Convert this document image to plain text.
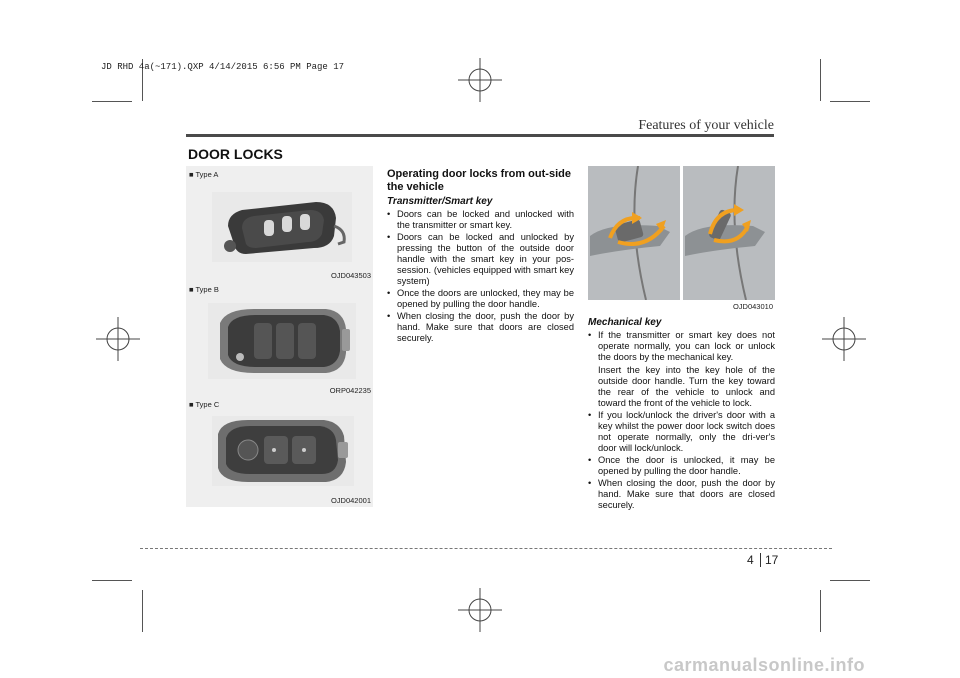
JD RHD 4a(~171).QXP 4/14/2015 6:56 PM Page 17
Features of your vehicle
DOOR LOCKS
■ Type A
OJD043503
■ Type B
ORP042235
■ Type C
OJD042001
Operating door locks from out-side the vehicle
Transmitter/Smart key
• Doors can be locked and unlocked with the transmitter or smart key.
• Doors can be locked and unlocked by pressing the button of the outside door handle with the smart key in your pos-session. (vehicles equipped with smart key system)
• Once the doors are unlocked, they may be opened by pulling the door handle.
• When closing the door, push the door by hand. Make sure that doors are closed securely.
OJD043010
Mechanical key
• If the transmitter or smart key does not operate normally, you can lock or unlock the doors by the mechanical key.

Insert the key into the key hole of the outside door handle. Turn the key toward the rear of the vehicle to unlock and toward the front of the vehicle to lock.

• If you lock/unlock the driver's door with a key whilst the power door lock switch does not operate normally, only the dri-ver's door will lock/unlock.
• Once the door is unlocked, it may be opened by pulling the door handle.
• When closing the door, push the door by hand. Make sure that doors are closed securely.
4 17
carmanualsonline.info
